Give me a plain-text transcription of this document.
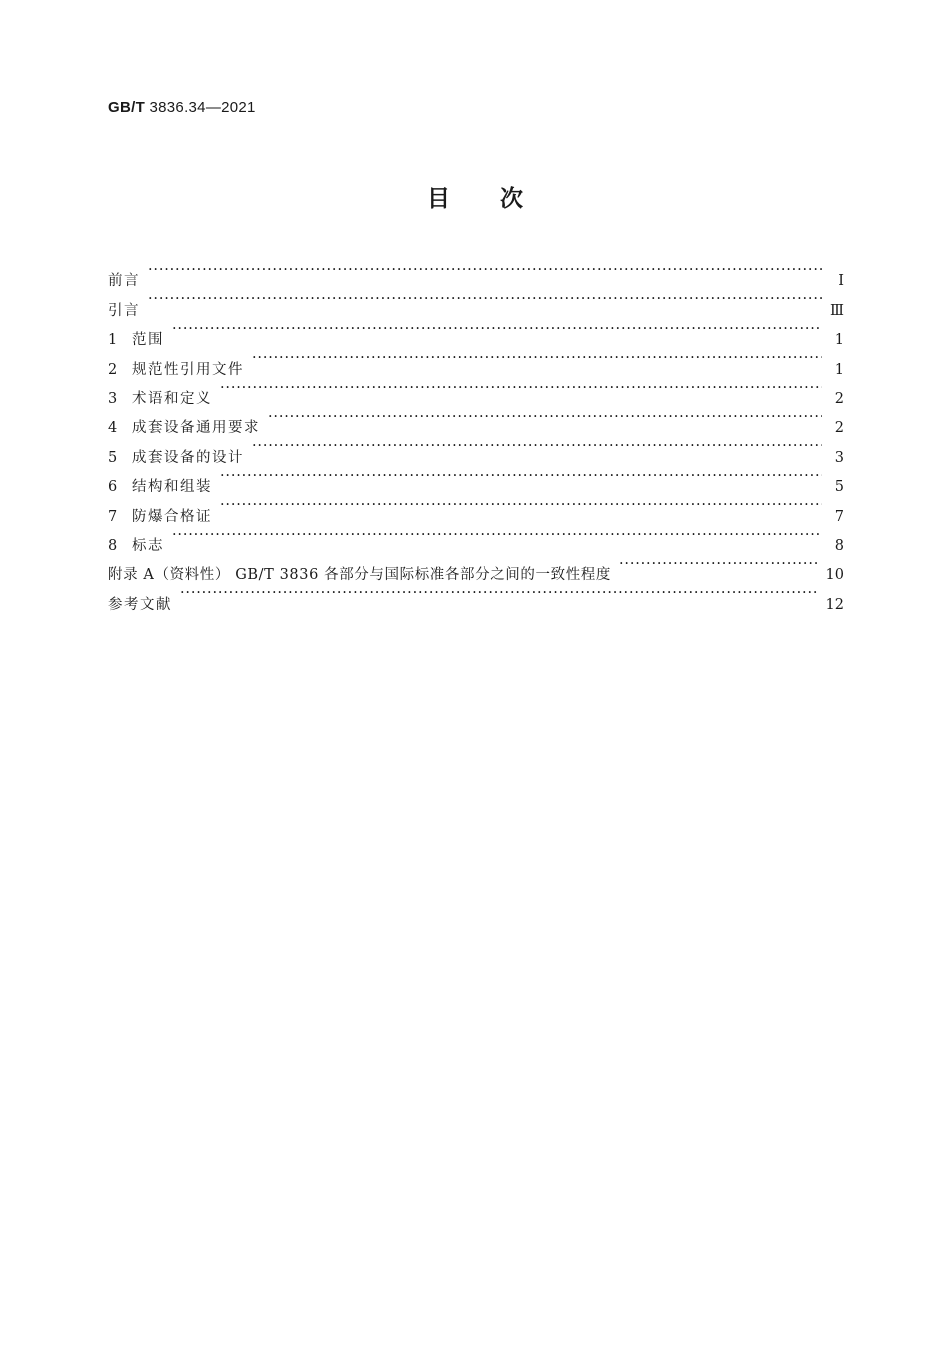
GB/T 3836.34—2021
目 次
前言 ·····	Ⅰ
引言 ·····	Ⅲ
1	范围 ·····	1
2	规范性引用文件 ·····	1
3	术语和定义 ·····	2
4	成套设备通用要求 ·····	2
5	成套设备的设计 ·····	3
6	结构和组装 ·····	5
7	防爆合格证 ·····	7
8	标志 ·····	8
附录 A（资料性） GB/T 3836 各部分与国际标准各部分之间的一致性程度 ·····	10
参考文献 ·····	12
